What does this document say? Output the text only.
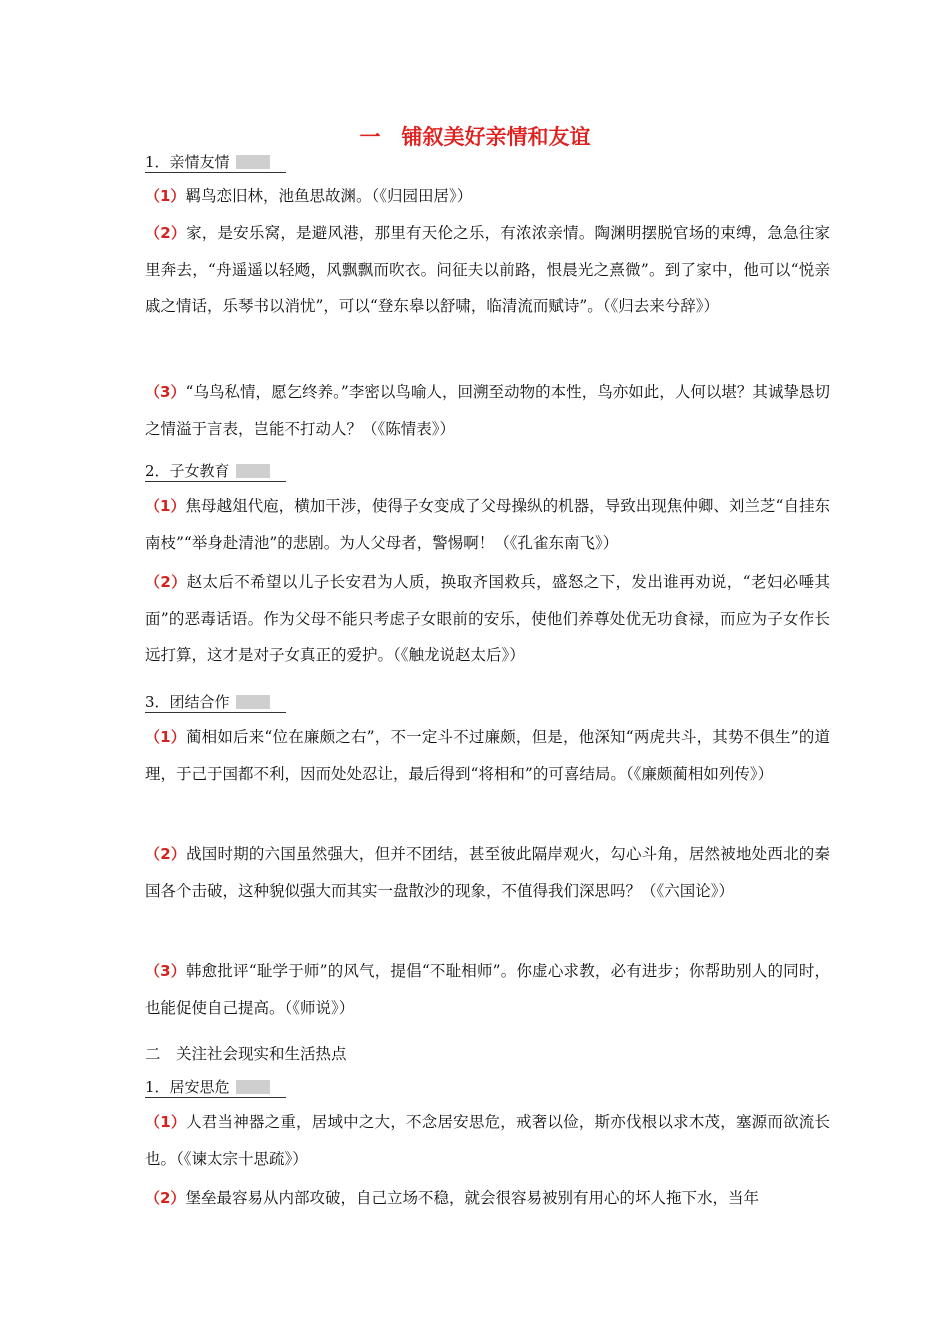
一　铺叙美好亲情和友谊
1．亲情友情
（1）羁鸟恋旧林，池鱼思故渊。（《归园田居》）
（2）家，是安乐窝，是避风港，那里有天伦之乐，有浓浓亲情。陶渊明摆脱官场的束缚，急急往家里奔去，“舟遥遥以轻飏，风飘飘而吹衣。问征夫以前路，恨晨光之熹微”。到了家中，他可以“悦亲戚之情话，乐琴书以消忧”，可以“登东皋以舒啸，临清流而赋诗”。（《归去来兮辞》）
（3）“乌鸟私情，愿乞终养。”李密以鸟喻人，回溯至动物的本性，鸟亦如此，人何以堪？其诚挚恳切之情溢于言表，岂能不打动人？（《陈情表》）
2．子女教育
（1）焦母越俎代庖，横加干涉，使得子女变成了父母操纵的机器，导致出现焦仲卿、刘兰芝“自挂东南枝”“举身赴清池”的悲剧。为人父母者，警惕啊！（《孔雀东南飞》）
（2）赵太后不希望以儿子长安君为人质，换取齐国救兵，盛怒之下，发出谁再劝说，“老妇必唾其面”的恶毒话语。作为父母不能只考虑子女眼前的安乐，使他们养尊处优无功食禄，而应为子女作长远打算，这才是对子女真正的爱护。（《触龙说赵太后》）
3．团结合作
（1）蔺相如后来“位在廉颇之右”，不一定斗不过廉颇，但是，他深知“两虎共斗，其势不俱生”的道理，于己于国都不利，因而处处忍让，最后得到“将相和”的可喜结局。（《廉颇蔺相如列传》）
（2）战国时期的六国虽然强大，但并不团结，甚至彼此隔岸观火，勾心斗角，居然被地处西北的秦国各个击破，这种貌似强大而其实一盘散沙的现象，不值得我们深思吗？（《六国论》）
（3）韩愈批评“耻学于师”的风气，提倡“不耻相师”。你虚心求教，必有进步；你帮助别人的同时，也能促使自己提高。（《师说》）
二　关注社会现实和生活热点
1．居安思危
（1）人君当神器之重，居域中之大，不念居安思危，戒奢以俭，斯亦伐根以求木茂，塞源而欲流长也。（《谏太宗十思疏》）
（2）堡垒最容易从内部攻破，自己立场不稳，就会很容易被别有用心的坏人拖下水，当年
